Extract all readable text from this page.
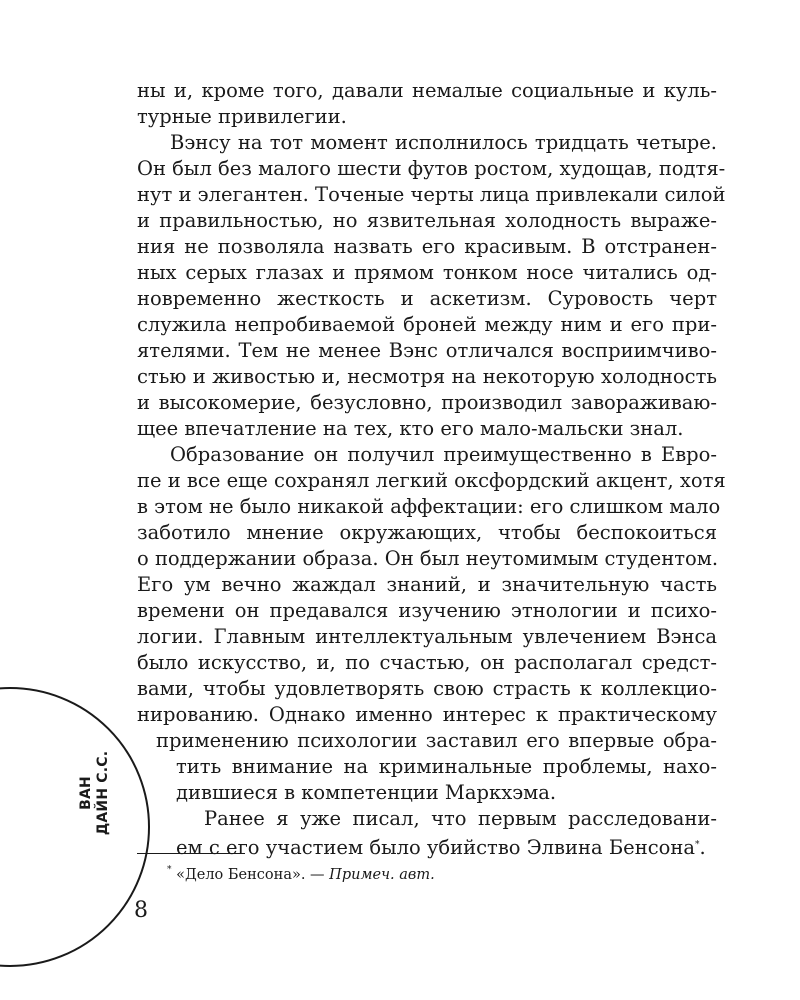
ны и, кроме того, давали немалые социальные и куль-
турные привилегии.
Вэнсу на тот момент исполнилось тридцать четыре.
Он был без малого шести футов ростом, худощав, подтя-
нут и элегантен. Точеные черты лица привлекали силой
и правильностью, но язвительная холодность выраже-
ния не позволяла назвать его красивым. В отстранен-
ных серых глазах и прямом тонком носе читались од-
новременно жесткость и аскетизм. Суровость черт
служила непробиваемой броней между ним и его при-
ятелями. Тем не менее Вэнс отличался восприимчиво-
стью и живостью и, несмотря на некоторую холодность
и высокомерие, безусловно, производил завораживаю-
щее впечатление на тех, кто его мало-мальски знал.
Образование он получил преимущественно в Евро-
пе и все еще сохранял легкий оксфордский акцент, хотя
в этом не было никакой аффектации: его слишком мало
заботило мнение окружающих, чтобы беспокоиться
о поддержании образа. Он был неутомимым студентом.
Его ум вечно жаждал знаний, и значительную часть
времени он предавался изучению этнологии и психо-
логии. Главным интеллектуальным увлечением Вэнса
было искусство, и, по счастью, он располагал средст-
вами, чтобы удовлетворять свою страсть к коллекцио-
нированию. Однако именно интерес к практическому
применению психологии заставил его впервые обра-
тить внимание на криминальные проблемы, нахо-
дившиеся в компетенции Маркхэма.
Ранее я уже писал, что первым расследовани-
ем с его участием было убийство Элвина Бенсона*.
ВАН ДАЙН С.С.
* «Дело Бенсона». — Примеч. авт.
8
